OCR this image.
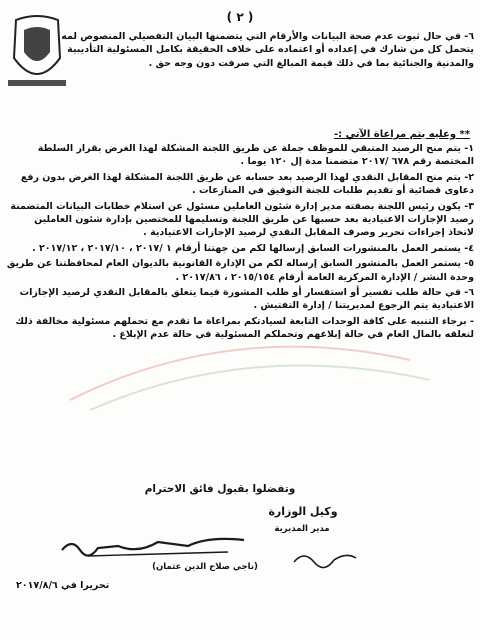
( ٢ )
٦- في حال ثبوت عدم صحة البيانات والأرقام التي يتضمنها البيان التفصيلي المنصوص لمه يتحمل كل من شارك في إعداده أو اعتماده على خلاف الحقيقة بكامل المسئولية التأديبية والمدنية والجنائية بما في ذلك قيمة المبالغ التي صرفت دون وجه حق .
** وعليه يتم مراعاة الآتي :-
١- يتم منح الرصيد المتبقي للموظف جملة عن طريق اللجنة المشكلة لهذا الغرض بقرار السلطة المختصة رقم ٦٧٨ /٢٠١٧ متضمنا مدة إل ١٢٠ يوما .
٢- يتم منح المقابل النقدي لهذا الرصيد بعد حسابه عن طريق اللجنة المشكلة لهذا الغرض بدون رفع دعاوى قضائية أو تقديم طلبات للجنة التوفيق في المنازعات .
٣- يكون رئيس اللجنة بصفته مدير إدارة شئون العاملين مسئول عن استلام خطابات البيانات المتضمنة رصيد الإجازات الاعتيادية بعد حسبها عن طريق اللجنة وتسليمها للمختصين بإدارة شئون العاملين لاتخاذ إجراءات تحرير وصرف المقابل النقدي لرصيد الإجازات الاعتيادية .
٤- يستمر العمل بالمنشورات السابق إرسالها لكم من جهتنا أرقام ١ /٢٠١٧ ، ٢٠١٧/١٠ ، ٢٠١٧/١٢ .
٥- يستمر العمل بالمنشور السابق إرساله لكم من الإدارة القانونية بالديوان العام لمحافظتنا عن طريق وحدة النشر / الإدارة المركزية العامة أرقام ٢٠١٥/١٥٤ ، ٢٠١٧/٨٦ .
٦- في حالة طلب تفسير أو استفسار أو طلب المشورة فيما يتعلق بالمقابل النقدي لرصيد الإجازات الاعتيادية يتم الرجوع لمديريتنا / إدارة التفتيش .
- برجاء التنبيه على كافة الوحدات التابعة لسيادتكم بمراعاة ما تقدم مع تحملهم مسئولية مخالفة ذلك لتعلقه بالمال العام في حالة إبلاغهم وتحملكم المسئولية في حالة عدم الإبلاغ .
وتفضلوا بقبول فائق الاحترام
وكيل الوزارة
مدير المديرية
(ناجي صلاح الدين عثمان)
تحريرا في ٢٠١٧/٨/٦
